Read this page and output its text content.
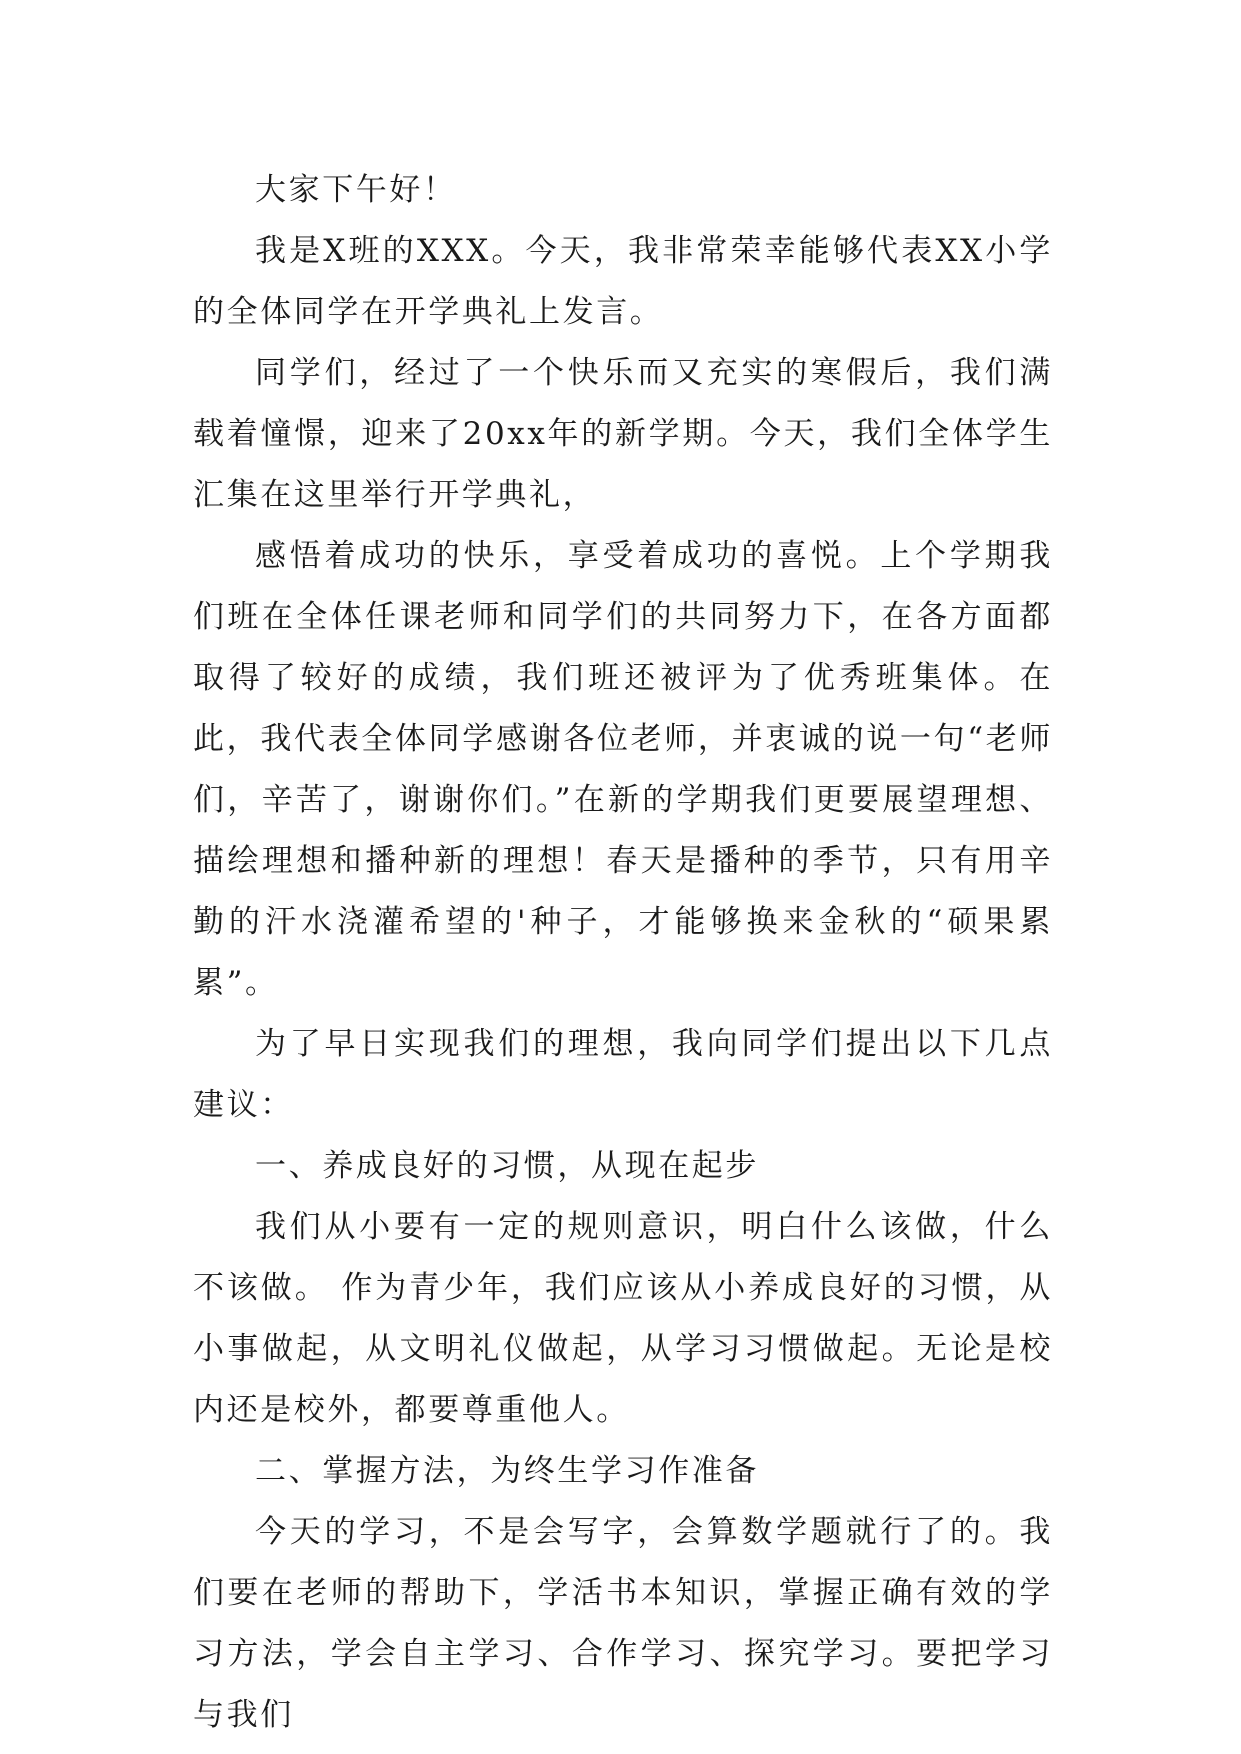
大家下午好！

我是X班的XXX。今天，我非常荣幸能够代表XX小学的全体同学在开学典礼上发言。

同学们，经过了一个快乐而又充实的寒假后，我们满载着憧憬，迎来了20xx年的新学期。今天，我们全体学生汇集在这里举行开学典礼，

感悟着成功的快乐，享受着成功的喜悦。上个学期我们班在全体任课老师和同学们的共同努力下，在各方面都取得了较好的成绩，我们班还被评为了优秀班集体。在此，我代表全体同学感谢各位老师，并衷诚的说一句“老师们，辛苦了，谢谢你们。”在新的学期我们更要展望理想、描绘理想和播种新的理想！春天是播种的季节，只有用辛勤的汗水浇灌希望的'种子，才能够换来金秋的“硕果累累”。

为了早日实现我们的理想，我向同学们提出以下几点建议：

一、养成良好的习惯，从现在起步

我们从小要有一定的规则意识，明白什么该做，什么不该做。 作为青少年，我们应该从小养成良好的习惯，从小事做起，从文明礼仪做起，从学习习惯做起。无论是校内还是校外，都要尊重他人。

二、掌握方法，为终生学习作准备

今天的学习，不是会写字，会算数学题就行了的。我们要在老师的帮助下，学活书本知识，掌握正确有效的学习方法，学会自主学习、合作学习、探究学习。要把学习与我们
